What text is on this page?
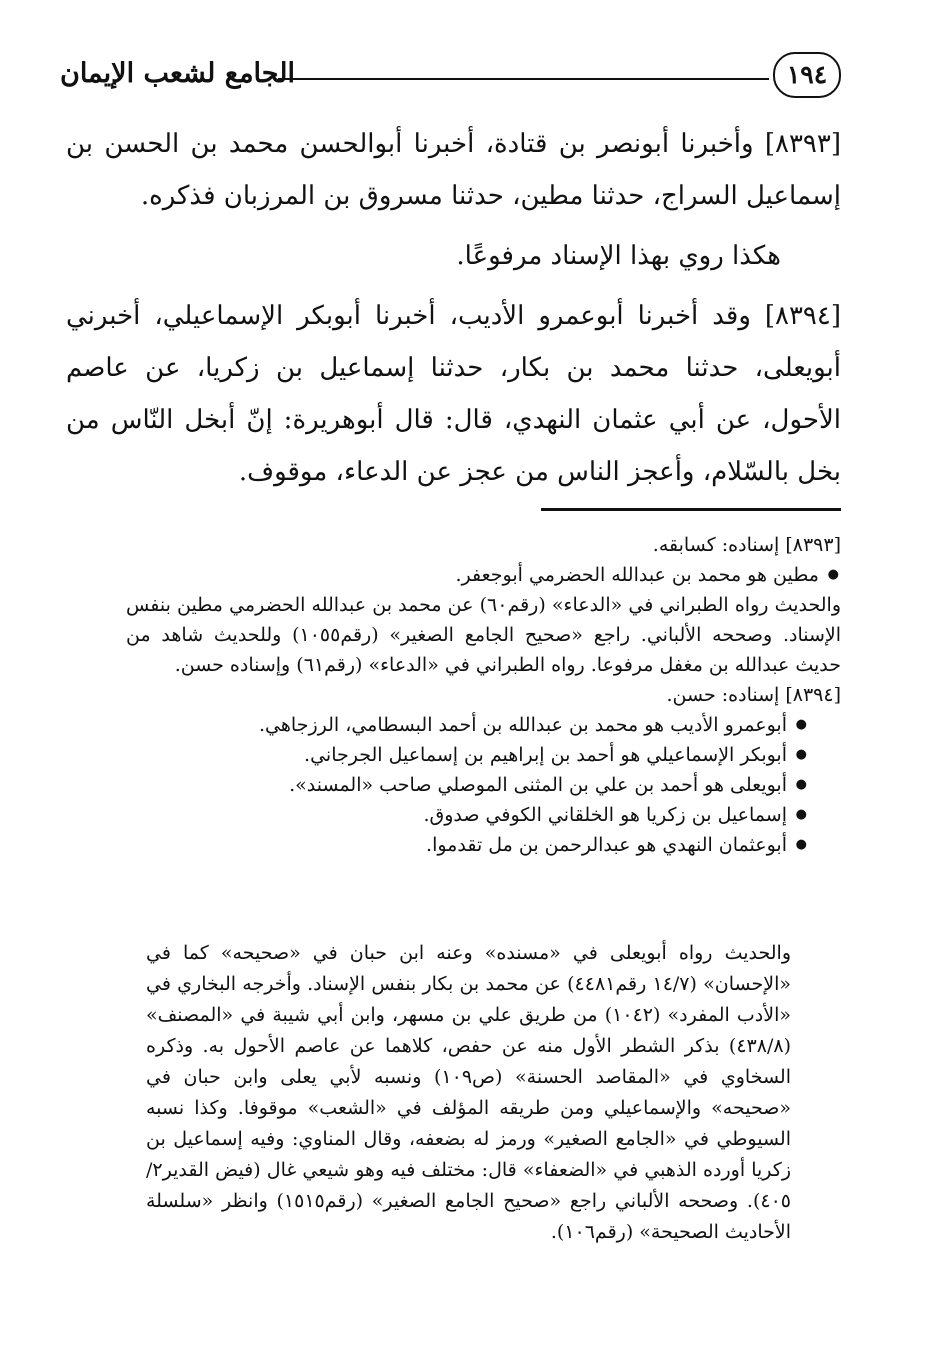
١٩٤
الجامع لشعب الإيمان

[٨٣٩٣] وأخبرنا أبونصر بن قتادة، أخبرنا أبوالحسن محمد بن الحسن بن إسماعيل السراج، حدثنا مطين، حدثنا مسروق بن المرزبان فذكره.

هكذا روي بهذا الإسناد مرفوعًا.

[٨٣٩٤] وقد أخبرنا أبوعمرو الأديب، أخبرنا أبوبكر الإسماعيلي، أخبرني أبويعلى، حدثنا محمد بن بكار، حدثنا إسماعيل بن زكريا، عن عاصم الأحول، عن أبي عثمان النهدي، قال: قال أبوهريرة: إنّ أبخل النّاس من بخل بالسّلام، وأعجز الناس من عجز عن الدعاء، موقوف.

[٨٣٩٣] إسناده: كسابقه.

● مطين هو محمد بن عبدالله الحضرمي أبوجعفر.

والحديث رواه الطبراني في «الدعاء» (رقم٦٠) عن محمد بن عبدالله الحضرمي مطين بنفس الإسناد. وصححه الألباني. راجع «صحيح الجامع الصغير» (رقم١٠٥٥) وللحديث شاهد من حديث عبدالله بن مغفل مرفوعا. رواه الطبراني في «الدعاء» (رقم٦١) وإسناده حسن.

[٨٣٩٤] إسناده: حسن.

● أبوعمرو الأديب هو محمد بن عبدالله بن أحمد البسطامي، الرزجاهي.
● أبوبكر الإسماعيلي هو أحمد بن إبراهيم بن إسماعيل الجرجاني.
● أبويعلى هو أحمد بن علي بن المثنى الموصلي صاحب «المسند».
● إسماعيل بن زكريا هو الخلقاني الكوفي صدوق.
● أبوعثمان النهدي هو عبدالرحمن بن مل تقدموا.

والحديث رواه أبويعلى في «مسنده» وعنه ابن حبان في «صحيحه» كما في «الإحسان» (١٤/٧ رقم٤٤٨١) عن محمد بن بكار بنفس الإسناد. وأخرجه البخاري في «الأدب المفرد» (١٠٤٢) من طريق علي بن مسهر، وابن أبي شيبة في «المصنف» (٤٣٨/٨) بذكر الشطر الأول منه عن حفص، كلاهما عن عاصم الأحول به. وذكره السخاوي في «المقاصد الحسنة» (ص١٠٩) ونسبه لأبي يعلى وابن حبان في «صحيحه» والإسماعيلي ومن طريقه المؤلف في «الشعب» موقوفا. وكذا نسبه السيوطي في «الجامع الصغير» ورمز له بضعفه، وقال المناوي: وفيه إسماعيل بن زكريا أورده الذهبي في «الضعفاء» قال: مختلف فيه وهو شيعي غال (فيض القدير٢/ ٤٠٥). وصححه الألباني راجع «صحيح الجامع الصغير» (رقم١٥١٥) وانظر «سلسلة الأحاديث الصحيحة» (رقم١٠٦).
